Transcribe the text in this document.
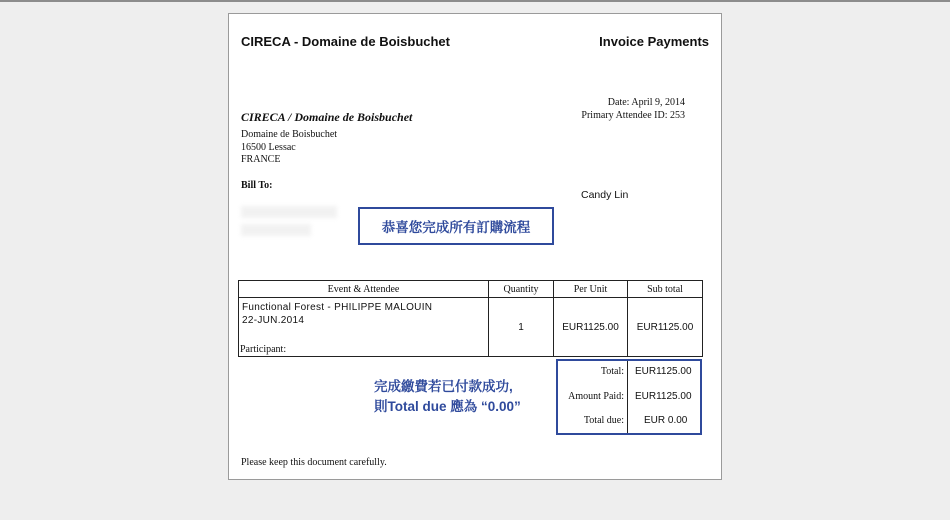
CIRECA - Domaine de Boisbuchet	Invoice Payments
Date: April 9, 2014
Primary Attendee ID: 253
CIRECA / Domaine de Boisbuchet
Domaine de Boisbuchet
16500 Lessac
FRANCE
Bill To:
Candy Lin
恭喜您完成所有訂購流程
Event & Attendee	Quantity	Per Unit	Sub total

Functional Forest - PHILIPPE MALOUIN
22-JUN.2014
Participant:	1	EUR1125.00	EUR1125.00
Total: EUR1125.00
Amount Paid: EUR1125.00
Total due: EUR 0.00
完成繳費若已付款成功,
則Total due 應為 “0.00”
Please keep this document carefully.
